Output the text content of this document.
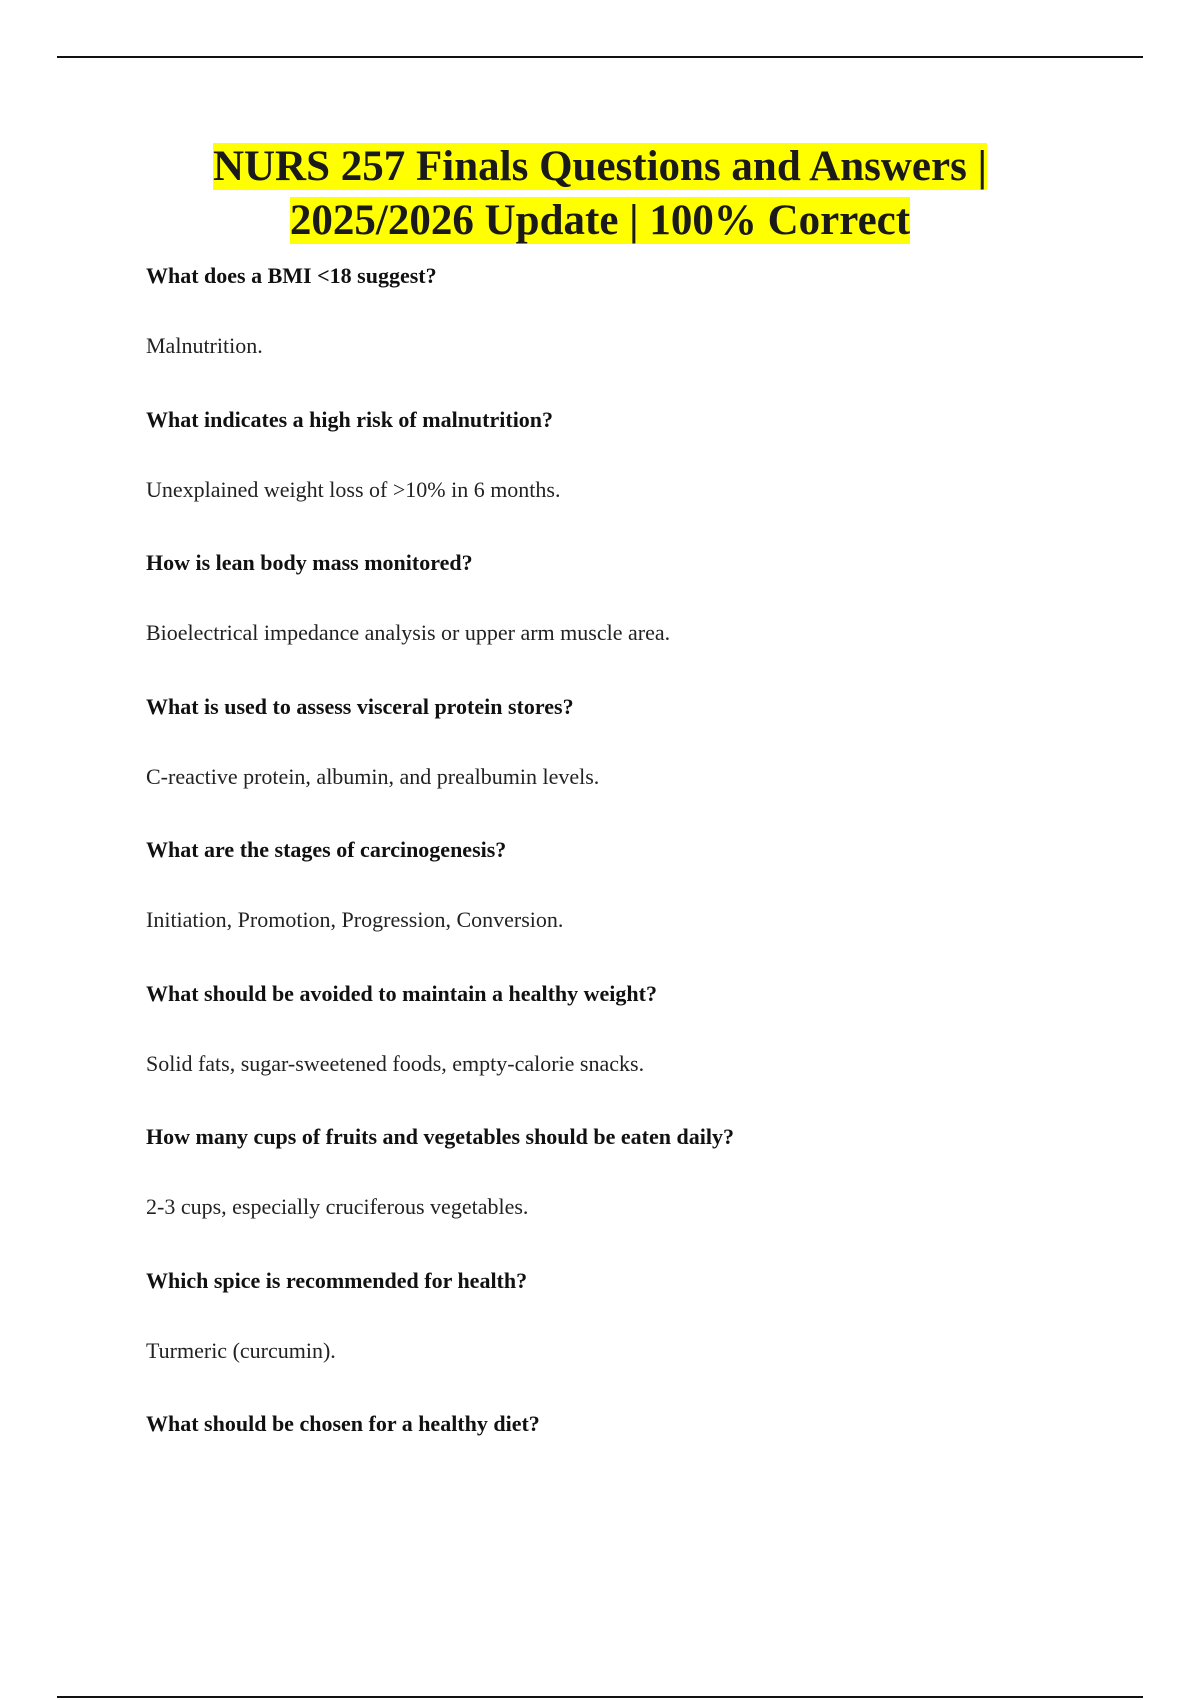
NURS 257 Finals Questions and Answers |
2025/2026 Update | 100% Correct

What does a BMI <18 suggest?

Malnutrition.

What indicates a high risk of malnutrition?

Unexplained weight loss of >10% in 6 months.

How is lean body mass monitored?

Bioelectrical impedance analysis or upper arm muscle area.

What is used to assess visceral protein stores?

C-reactive protein, albumin, and prealbumin levels.

What are the stages of carcinogenesis?

Initiation, Promotion, Progression, Conversion.

What should be avoided to maintain a healthy weight?

Solid fats, sugar-sweetened foods, empty-calorie snacks.

How many cups of fruits and vegetables should be eaten daily?

2-3 cups, especially cruciferous vegetables.

Which spice is recommended for health?

Turmeric (curcumin).

What should be chosen for a healthy diet?
